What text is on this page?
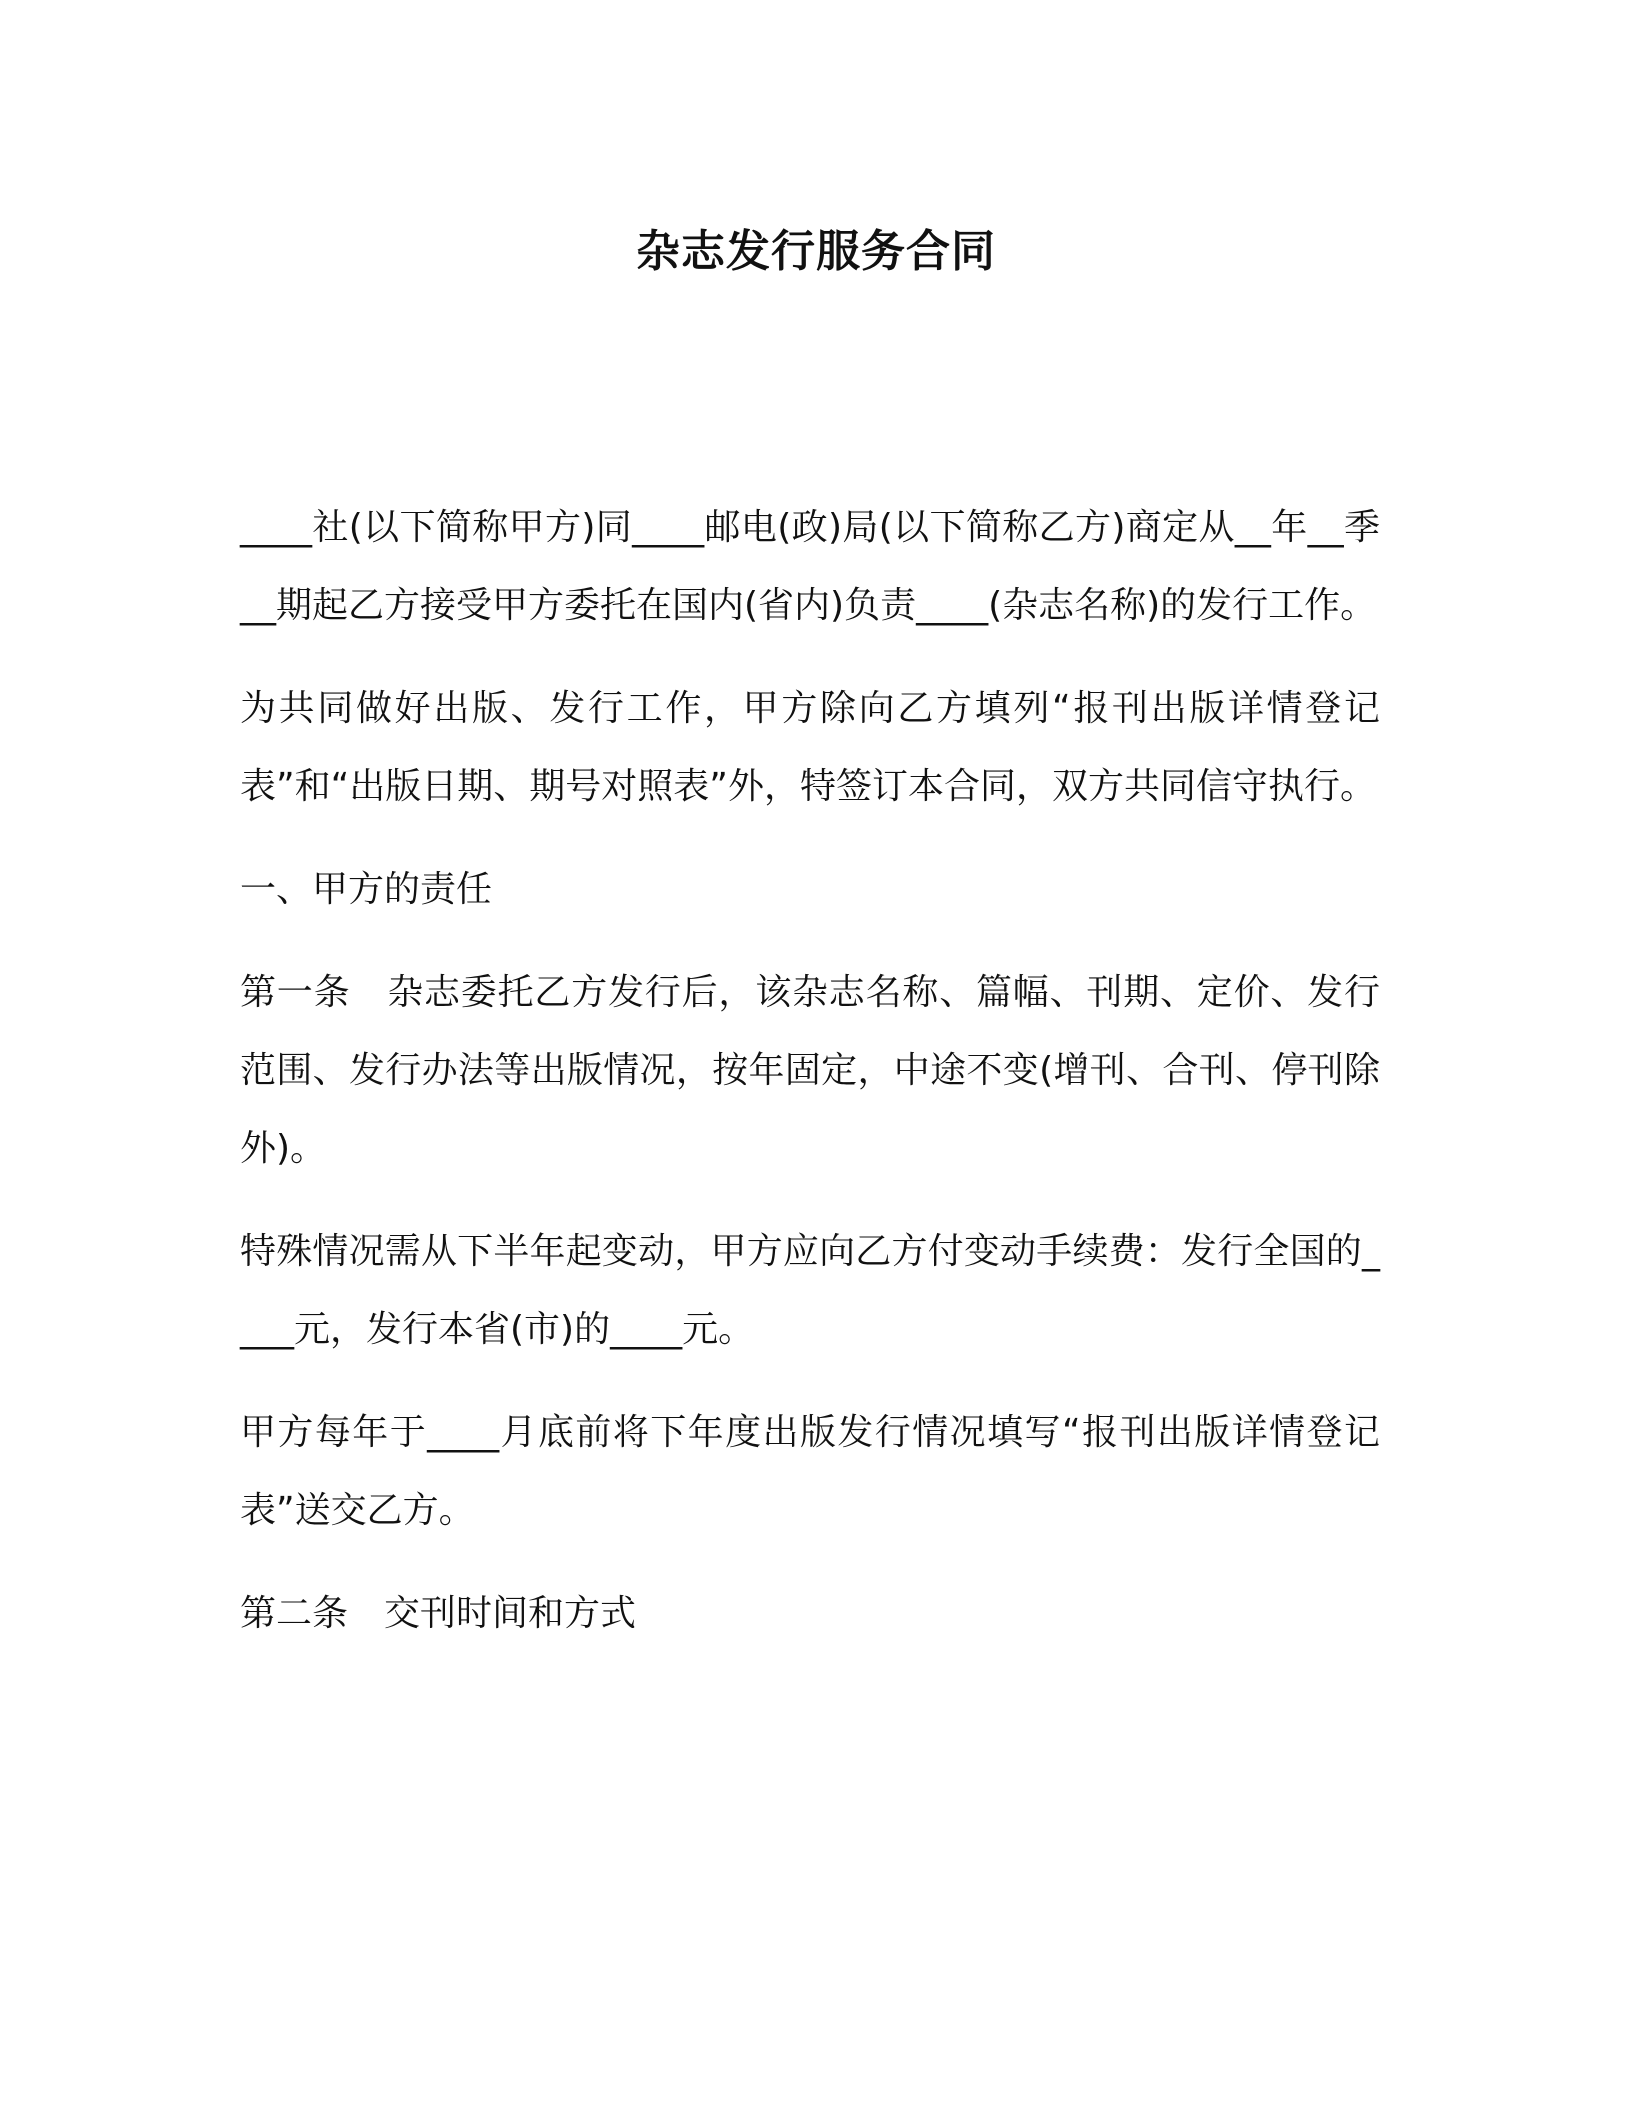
杂志发行服务合同

____社(以下简称甲方)同____邮电(政)局(以下简称乙方)商定从__年__季__期起乙方接受甲方委托在国内(省内)负责____(杂志名称)的发行工作。

为共同做好出版、发行工作，甲方除向乙方填列“报刊出版详情登记表”和“出版日期、期号对照表”外，特签订本合同，双方共同信守执行。

一、甲方的责任

第一条　杂志委托乙方发行后，该杂志名称、篇幅、刊期、定价、发行范围、发行办法等出版情况，按年固定，中途不变(增刊、合刊、停刊除外)。

特殊情况需从下半年起变动，甲方应向乙方付变动手续费：发行全国的____元，发行本省(市)的____元。

甲方每年于____月底前将下年度出版发行情况填写“报刊出版详情登记表”送交乙方。

第二条　交刊时间和方式
